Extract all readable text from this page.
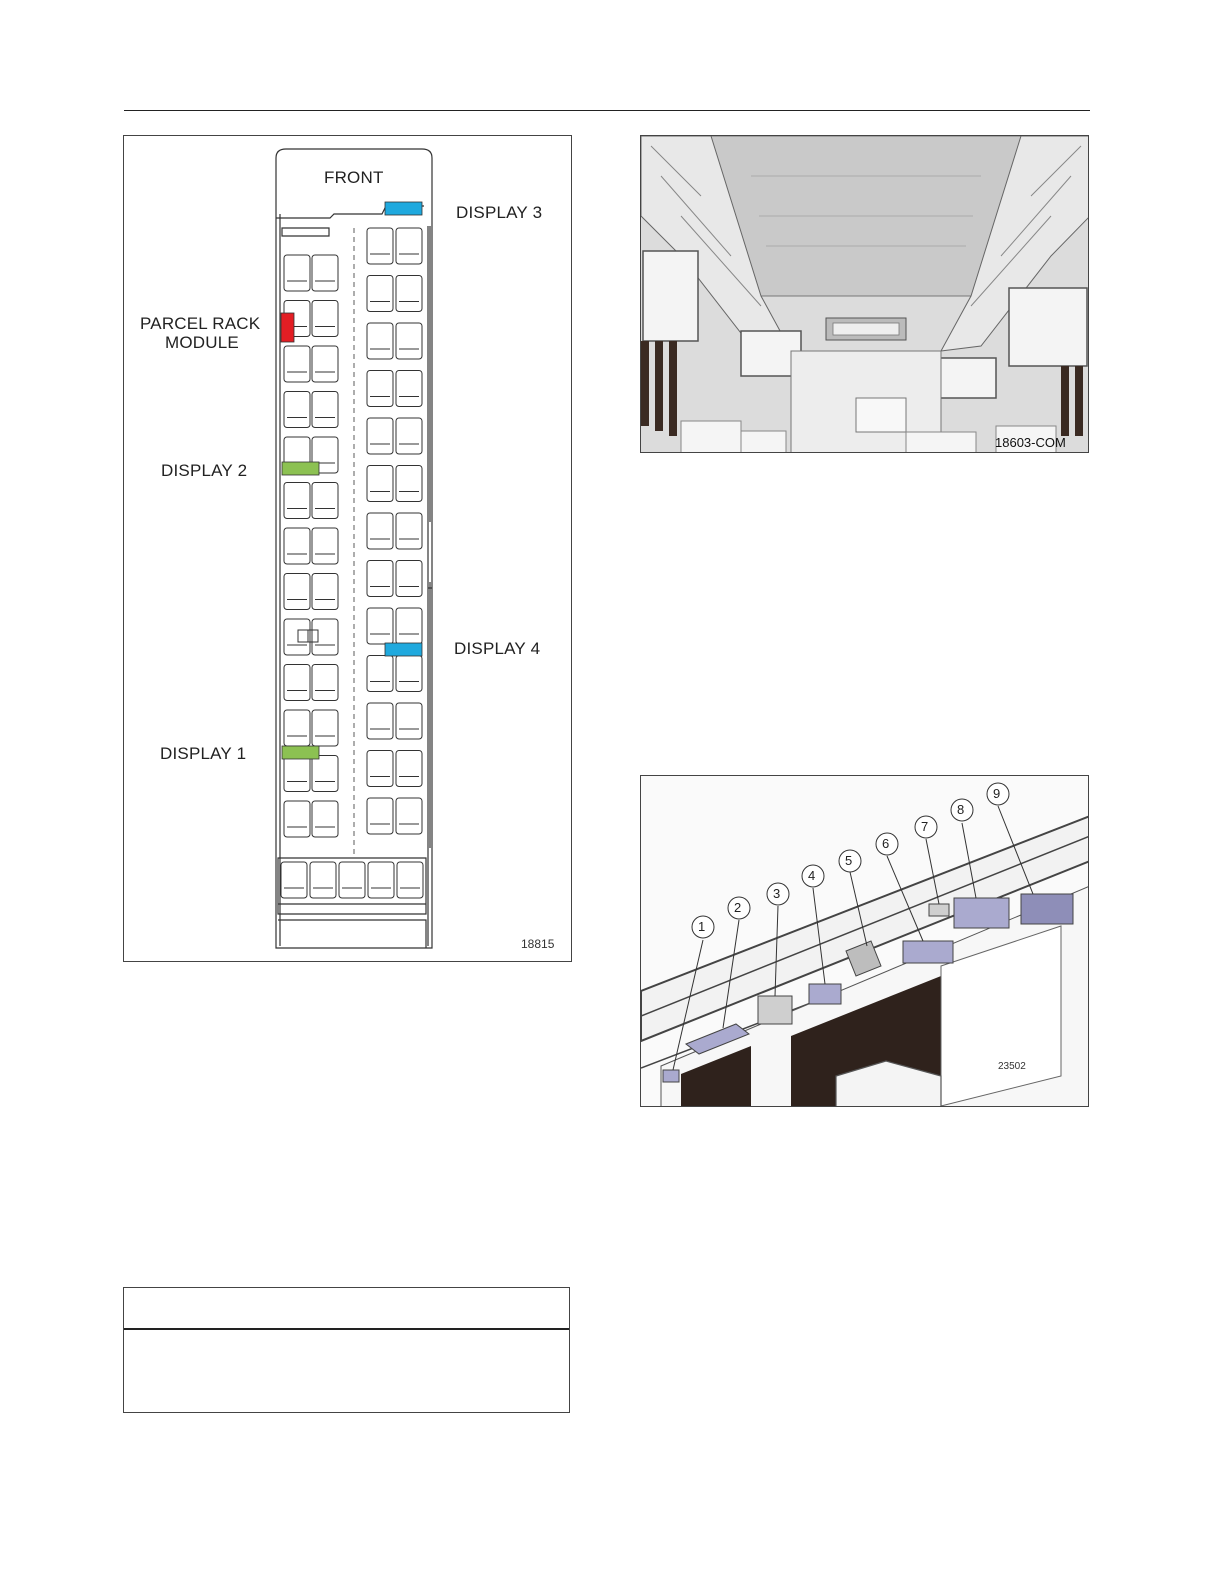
FRONT
DISPLAY 3
PARCEL RACK
MODULE
DISPLAY 2
DISPLAY 4
DISPLAY 1
18815
18603-COM
1
2
3
4
5
6
7
8
9
23502
